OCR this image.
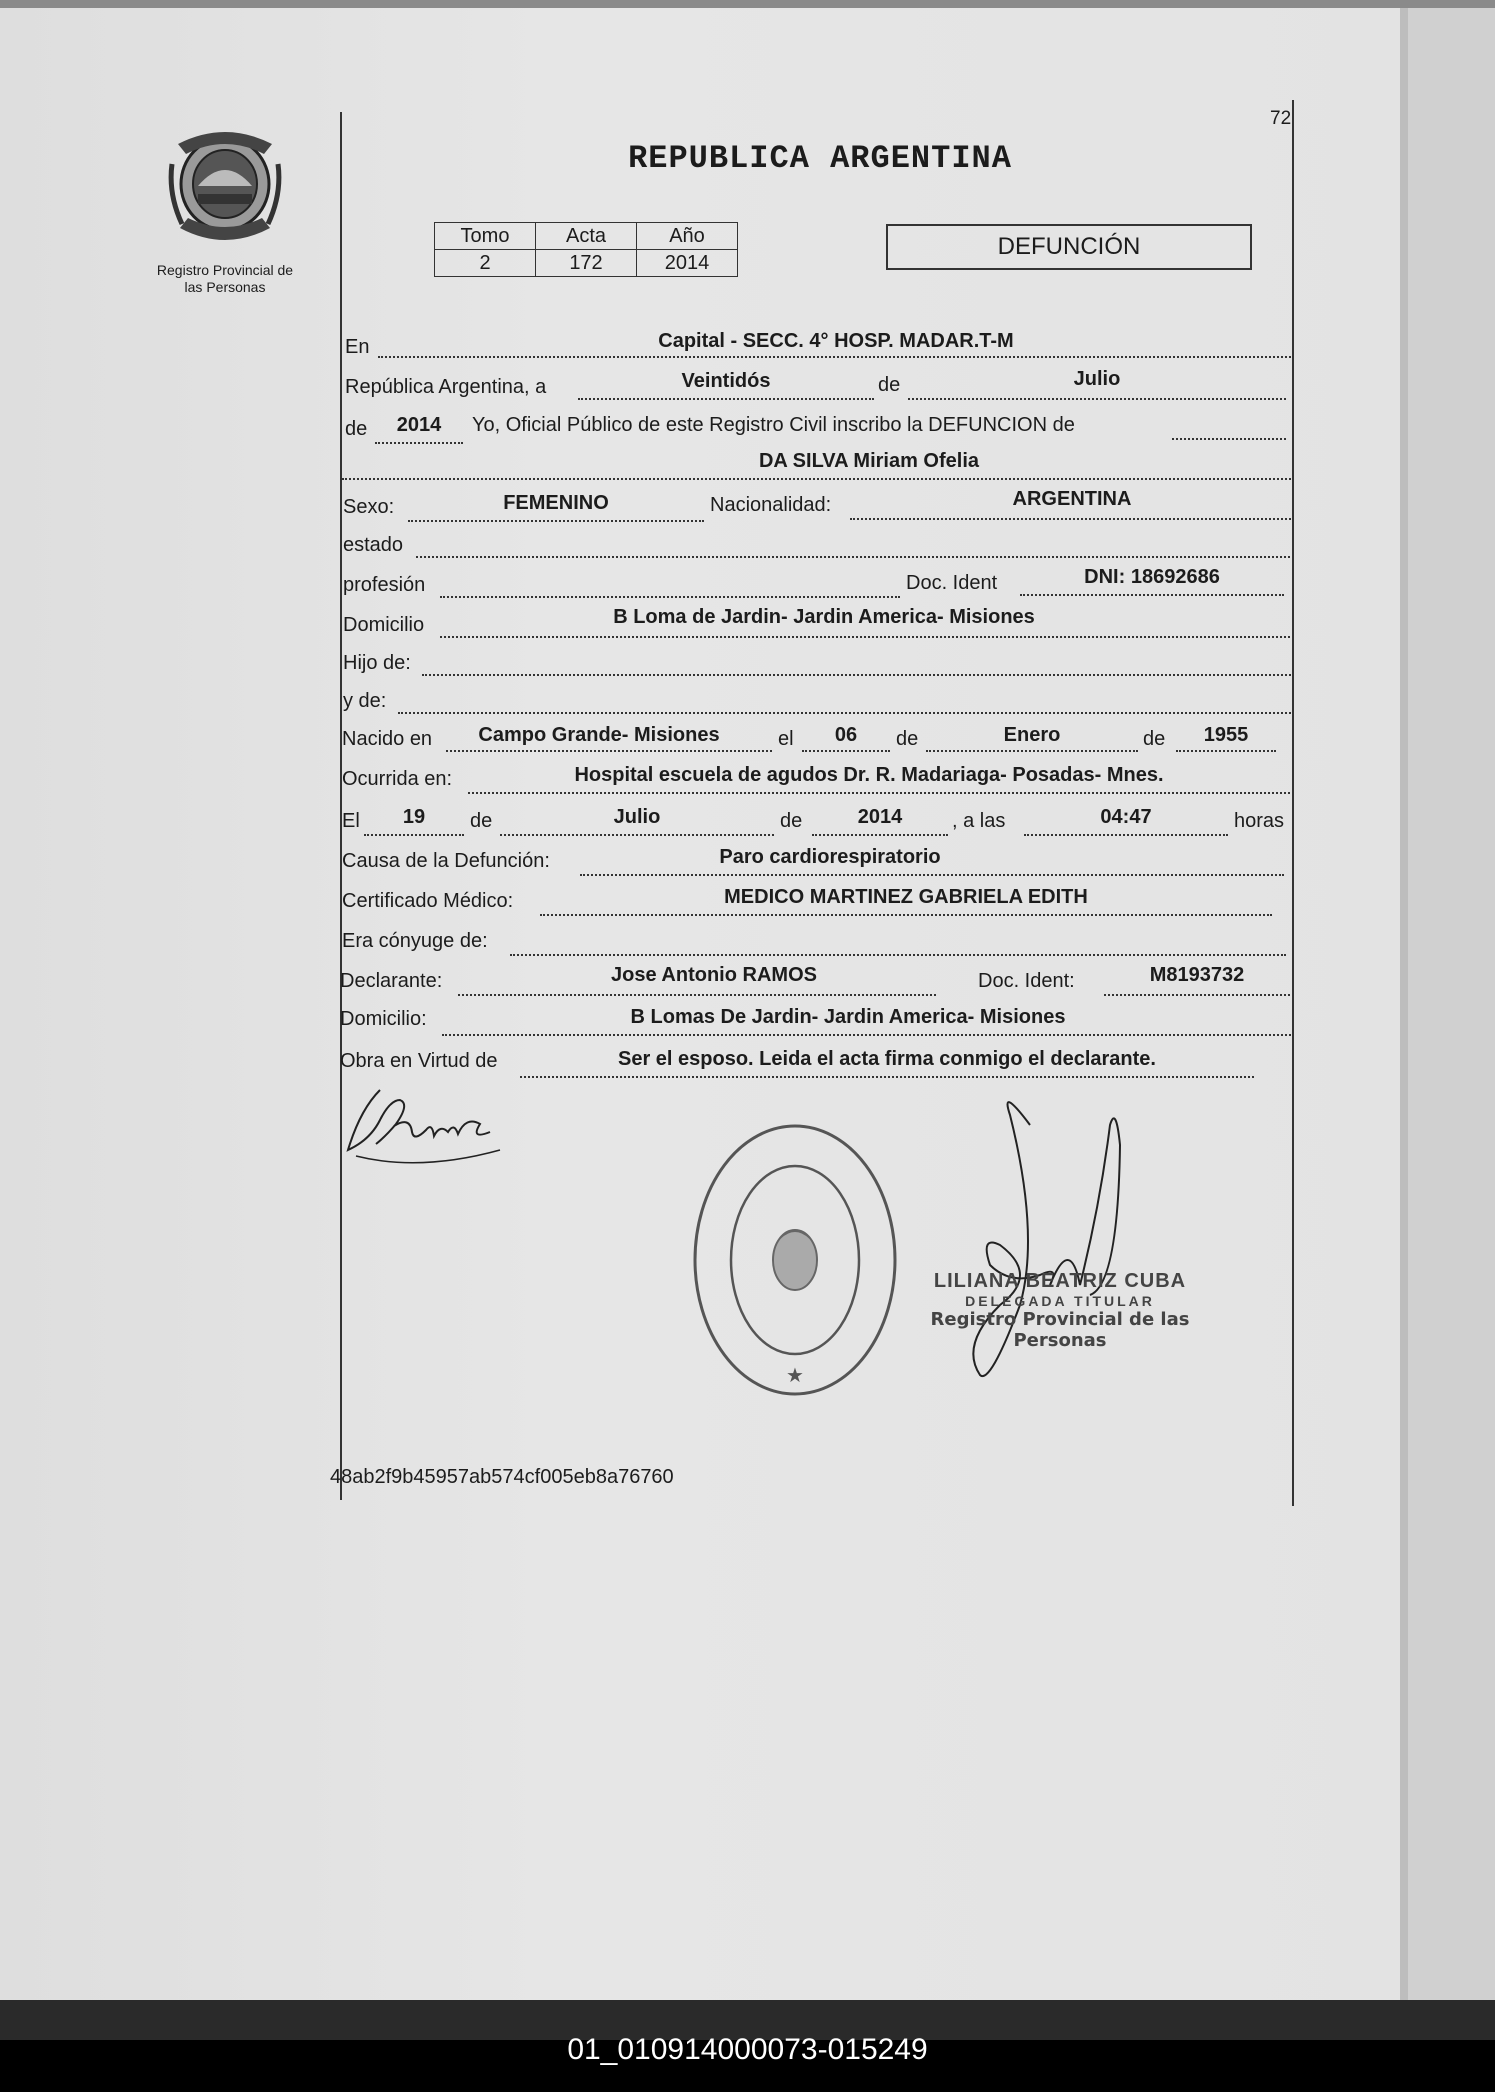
Registro Provincial de
las Personas
72
REPUBLICA ARGENTINA
Tomo	Acta	Año
2	172	2014
DEFUNCIÓN
En	Capital - SECC. 4° HOSP. MADAR.T-M
República Argentina, a	Veintidós	de	Julio
de	2014	Yo, Oficial Público de este Registro Civil inscribo la DEFUNCION de
DA SILVA Miriam Ofelia
Sexo:	FEMENINO	Nacionalidad:	ARGENTINA
estado
profesión	Doc. Ident	DNI: 18692686
Domicilio	B Loma de Jardin- Jardin America- Misiones
Hijo de:
y de:
Nacido en	Campo Grande- Misiones	el	06	de	Enero	de	1955
Ocurrida en:	Hospital escuela de agudos Dr. R. Madariaga- Posadas- Mnes.
El	19	de	Julio	de	2014	, a las	04:47	horas
Causa de la Defunción:	Paro cardiorespiratorio
Certificado Médico:	MEDICO MARTINEZ GABRIELA EDITH
Era cónyuge de:
Declarante:	Jose Antonio RAMOS	Doc. Ident:	M8193732
Domicilio:	B Lomas De Jardin- Jardin America- Misiones
Obra en Virtud de	Ser el esposo. Leida el acta firma conmigo el declarante.
★
LILIANA BEATRIZ CUBA
DELEGADA TITULAR
Registro Provincial de las Personas
48ab2f9b45957ab574cf005eb8a76760
01_010914000073-015249
